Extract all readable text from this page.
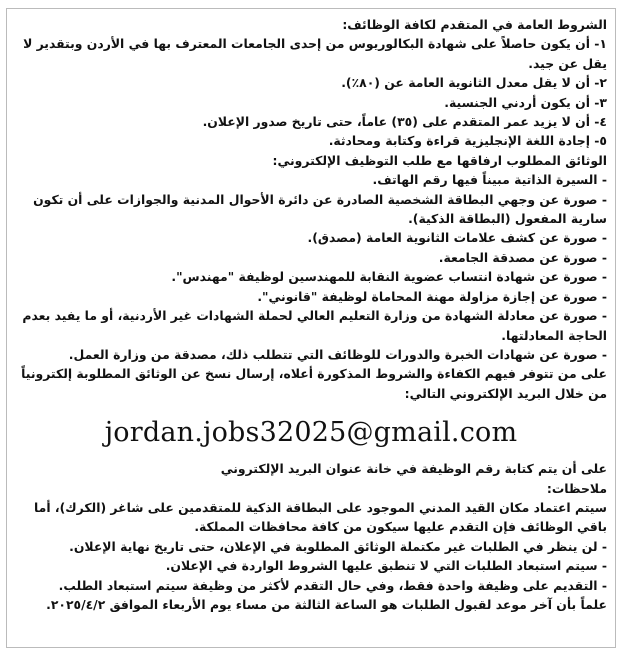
الشروط العامة في المتقدم لكافة الوظائف:
١- أن يكون حاصلاً على شهادة البكالوريوس من إحدى الجامعات المعترف بها في الأردن وبتقدير لا يقل عن جيد.
٢- أن لا يقل معدل الثانوية العامة عن (٨٠٪).
٣- أن يكون أردني الجنسية.
٤- أن لا يزيد عمر المتقدم على (٣٥) عاماً، حتى تاريخ صدور الإعلان.
٥- إجادة اللغة الإنجليزية قراءة وكتابة ومحادثة.
الوثائق المطلوب ارفاقها مع طلب التوظيف الإلكتروني:
- السيرة الذاتية مبيناً فيها رقم الهاتف.
- صورة عن وجهي البطاقة الشخصية الصادرة عن دائرة الأحوال المدنية والجوازات على أن تكون سارية المفعول (البطاقة الذكية).
- صورة عن كشف علامات الثانوية العامة (مصدق).
- صورة عن مصدقة الجامعة.
- صورة عن شهادة انتساب عضوية النقابة للمهندسين لوظيفة "مهندس".
- صورة عن إجازة مزاولة مهنة المحاماة لوظيفة "قانوني".
- صورة عن معادلة الشهادة من وزارة التعليم العالي لحملة الشهادات غير الأردنية، أو ما يفيد بعدم الحاجة المعادلتها.
- صورة عن شهادات الخبرة والدورات للوظائف التي تتطلب ذلك، مصدقة من وزارة العمل.
على من تتوفر فيهم الكفاءة والشروط المذكورة أعلاه، إرسال نسخ عن الوثائق المطلوبة إلكترونياً من خلال البريد الإلكتروني التالي:
jordan.jobs32025@gmail.com
على أن يتم كتابة رقم الوظيفة في خانة عنوان البريد الإلكتروني
ملاحظات:
سيتم اعتماد مكان القيد المدني الموجود على البطاقة الذكية للمتقدمين على شاغر (الكرك)، أما باقي الوظائف فإن التقدم عليها سيكون من كافة محافظات المملكة.
- لن ينظر في الطلبات غير مكتملة الوثائق المطلوبة في الإعلان، حتى تاريخ نهاية الإعلان.
- سيتم استبعاد الطلبات التي لا تنطبق عليها الشروط الواردة في الإعلان.
- التقديم على وظيفة واحدة فقط، وفي حال التقدم لأكثر من وظيفة سيتم استبعاد الطلب.
علماً بأن آخر موعد لقبول الطلبات هو الساعة الثالثة من مساء يوم الأربعاء الموافق ٢٠٢٥/٤/٢.
